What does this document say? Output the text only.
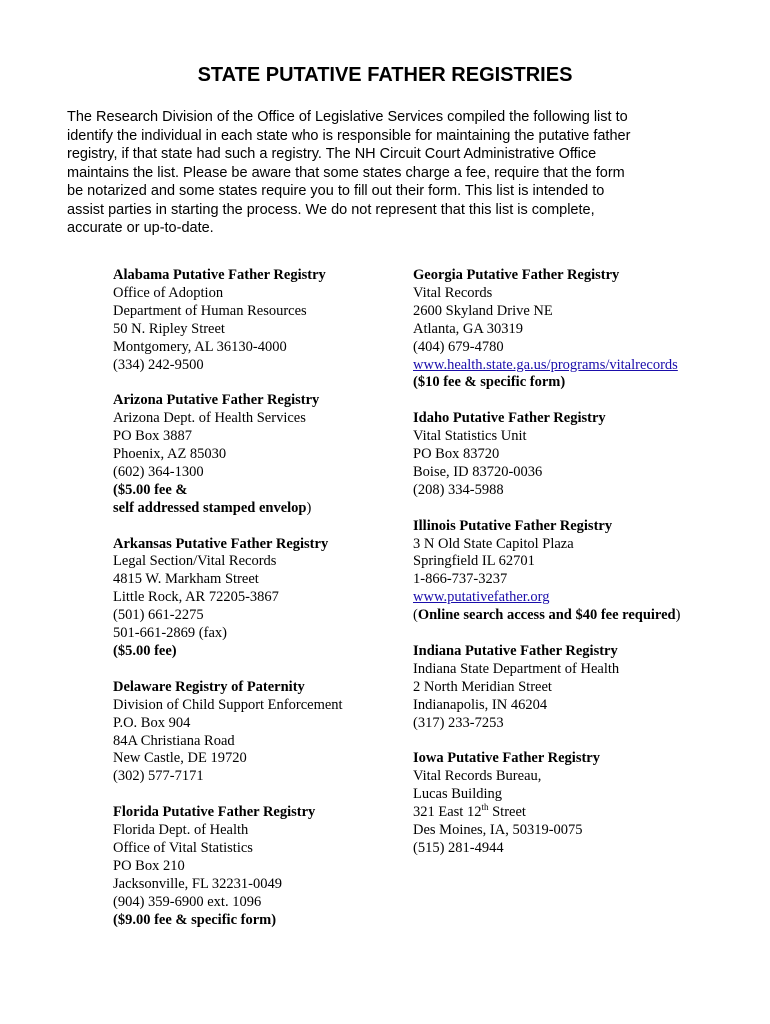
STATE PUTATIVE FATHER REGISTRIES

The Research Division of the Office of Legislative Services compiled the following list to
identify the individual in each state who is responsible for maintaining the putative father
registry, if that state had such a registry. The NH Circuit Court Administrative Office
maintains the list. Please be aware that some states charge a fee, require that the form
be notarized and some states require you to fill out their form. This list is intended to
assist parties in starting the process. We do not represent that this list is complete,
accurate or up-to-date.

Alabama Putative Father Registry
Office of Adoption
Department of Human Resources
50 N. Ripley Street
Montgomery, AL 36130-4000
(334) 242-9500
Arizona Putative Father Registry
Arizona Dept. of Health Services
PO Box 3887
Phoenix, AZ 85030
(602) 364-1300
($5.00 fee &
self addressed stamped envelop)
Arkansas Putative Father Registry
Legal Section/Vital Records
4815 W. Markham Street
Little Rock, AR 72205-3867
(501) 661-2275
501-661-2869 (fax)
($5.00 fee)
Delaware Registry of Paternity
Division of Child Support Enforcement
P.O. Box 904
84A Christiana Road
New Castle, DE 19720
(302) 577-7171
Florida Putative Father Registry
Florida Dept. of Health
Office of Vital Statistics
PO Box 210
Jacksonville, FL 32231-0049
(904) 359-6900 ext. 1096
($9.00 fee & specific form)
Georgia Putative Father Registry
Vital Records
2600 Skyland Drive NE
Atlanta, GA 30319
(404) 679-4780
www.health.state.ga.us/programs/vitalrecords
($10 fee & specific form)
Idaho Putative Father Registry
Vital Statistics Unit
PO Box 83720
Boise, ID 83720-0036
(208) 334-5988
Illinois Putative Father Registry
3 N Old State Capitol Plaza
Springfield IL 62701
1-866-737-3237
www.putativefather.org
(Online search access and $40 fee required)
Indiana Putative Father Registry
Indiana State Department of Health
2 North Meridian Street
Indianapolis, IN 46204
(317) 233-7253
Iowa Putative Father Registry
Vital Records Bureau,
Lucas Building
321 East 12th Street
Des Moines, IA, 50319-0075
(515) 281-4944
